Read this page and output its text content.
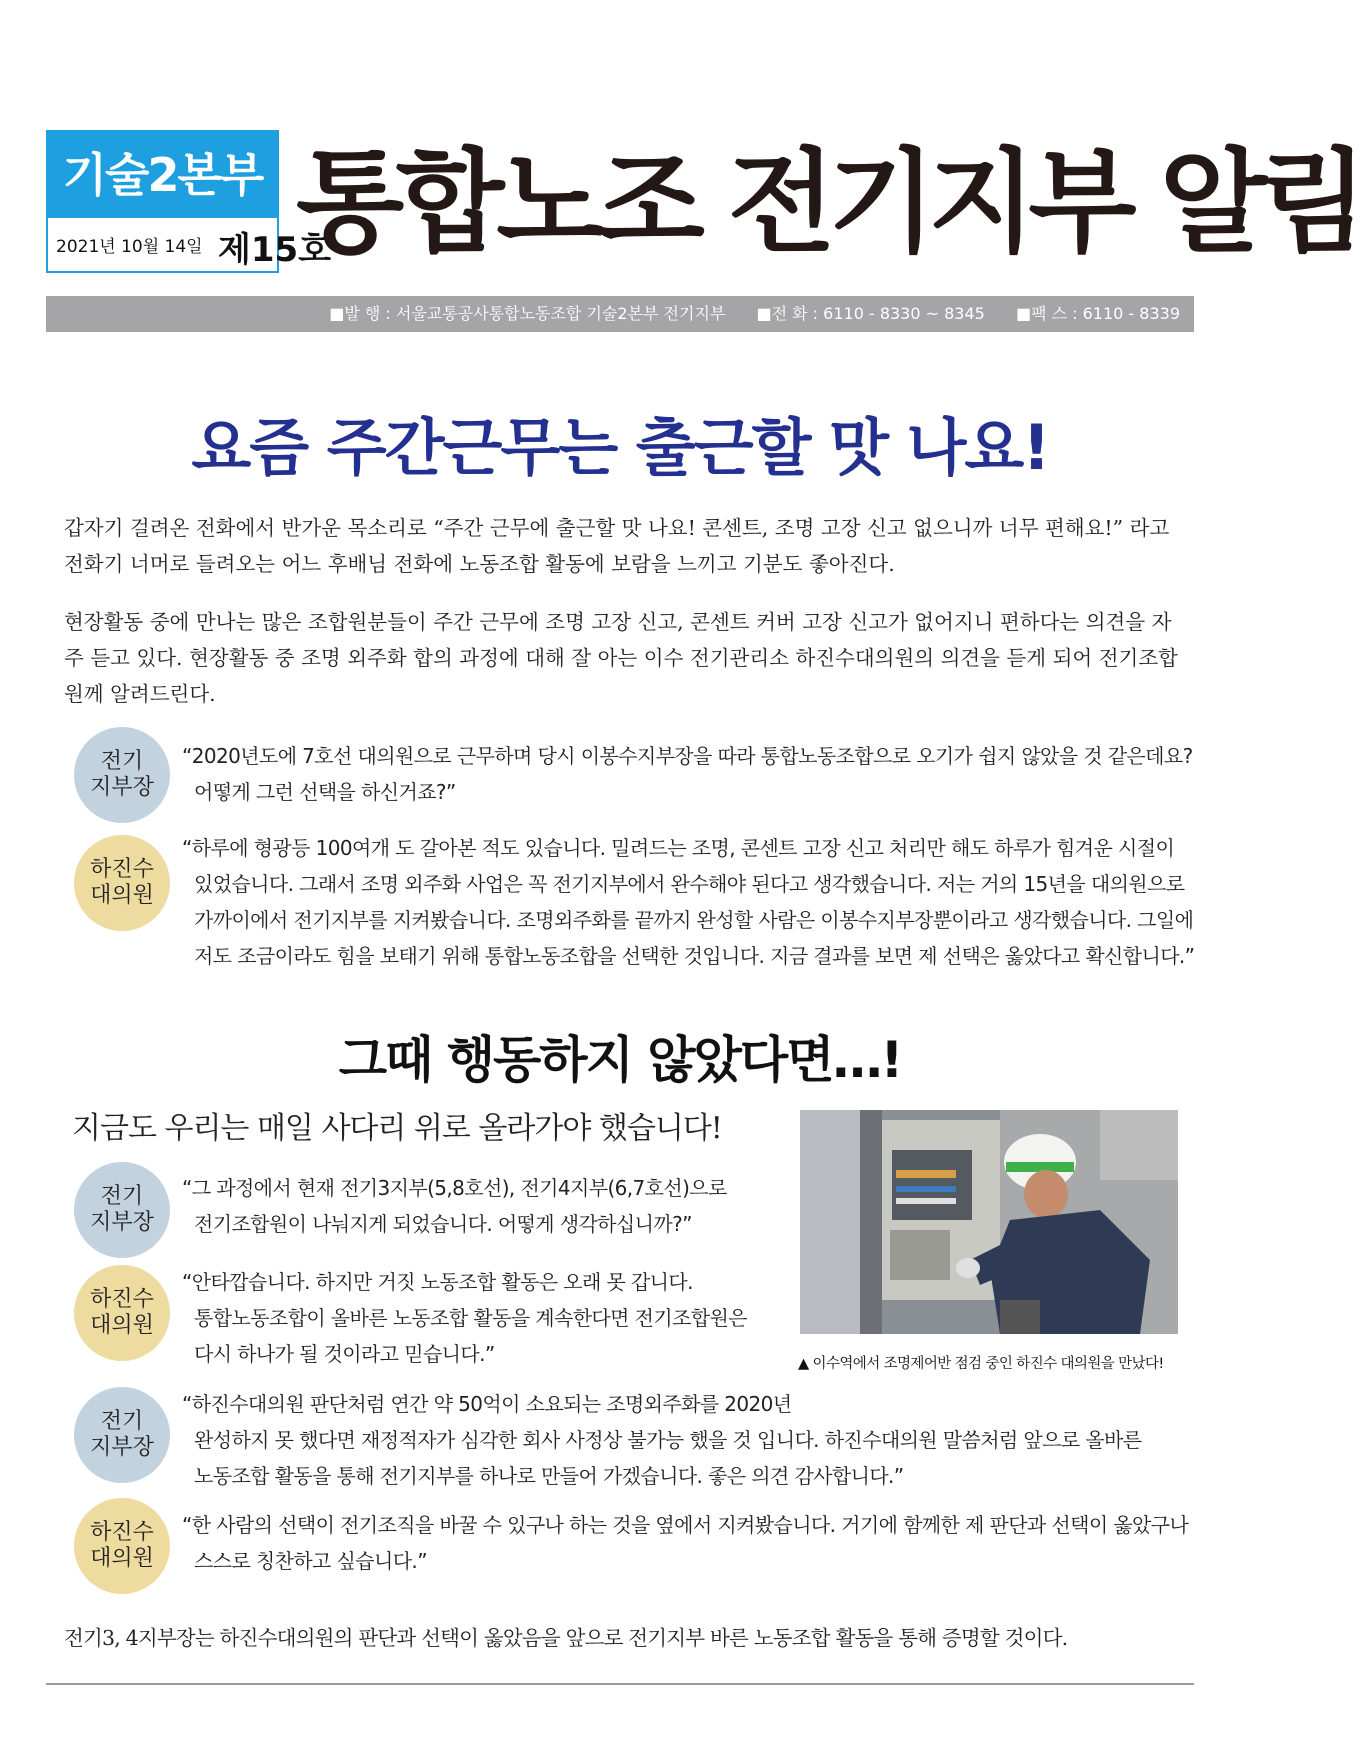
기술2본부
2021년 10월 14일 제15호
통합노조 전기지부 알림
■발 행 : 서울교통공사통합노동조합 기술2본부 전기지부 ■전 화 : 6110 - 8330 ~ 8345 ■팩 스 : 6110 - 8339
요즘 주간근무는 출근할 맛 나요!
갑자기 걸려온 전화에서 반가운 목소리로 “주간 근무에 출근할 맛 나요! 콘센트, 조명 고장 신고 없으니까 너무 편해요!” 라고 전화기 너머로 들려오는 어느 후배님 전화에 노동조합 활동에 보람을 느끼고 기분도 좋아진다.
현장활동 중에 만나는 많은 조합원분들이 주간 근무에 조명 고장 신고, 콘센트 커버 고장 신고가 없어지니 편하다는 의견을 자주 듣고 있다. 현장활동 중 조명 외주화 합의 과정에 대해 잘 아는 이수 전기관리소 하진수대의원의 의견을 듣게 되어 전기조합원께 알려드린다.
전기
지부장
“2020년도에 7호선 대의원으로 근무하며 당시 이봉수지부장을 따라 통합노동조합으로 오기가 쉽지 않았을 것 같은데요?
어떻게 그런 선택을 하신거죠?”
하진수
대의원
“하루에 형광등 100여개 도 갈아본 적도 있습니다. 밀려드는 조명, 콘센트 고장 신고 처리만 해도 하루가 힘겨운 시절이
있었습니다. 그래서 조명 외주화 사업은 꼭 전기지부에서 완수해야 된다고 생각했습니다. 저는 거의 15년을 대의원으로
가까이에서 전기지부를 지켜봤습니다. 조명외주화를 끝까지 완성할 사람은 이봉수지부장뿐이라고 생각했습니다. 그일에
저도 조금이라도 힘을 보태기 위해 통합노동조합을 선택한 것입니다. 지금 결과를 보면 제 선택은 옳았다고 확신합니다.”
그때 행동하지 않았다면…!
지금도 우리는 매일 사다리 위로 올라가야 했습니다!
전기
지부장
“그 과정에서 현재 전기3지부(5,8호선), 전기4지부(6,7호선)으로
전기조합원이 나눠지게 되었습니다. 어떻게 생각하십니까?”
하진수
대의원
“안타깝습니다. 하지만 거짓 노동조합 활동은 오래 못 갑니다.
통합노동조합이 올바른 노동조합 활동을 계속한다면 전기조합원은
다시 하나가 될 것이라고 믿습니다.”	▲ 이수역에서 조명제어반 점검 중인 하진수 대의원을 만났다!
전기
지부장
“하진수대의원 판단처럼 연간 약 50억이 소요되는 조명외주화를 2020년
완성하지 못 했다면 재정적자가 심각한 회사 사정상 불가능 했을 것 입니다. 하진수대의원 말씀처럼 앞으로 올바른
노동조합 활동을 통해 전기지부를 하나로 만들어 가겠습니다. 좋은 의견 감사합니다.”
하진수
대의원
“한 사람의 선택이 전기조직을 바꿀 수 있구나 하는 것을 옆에서 지켜봤습니다. 거기에 함께한 제 판단과 선택이 옳았구나
스스로 칭찬하고 싶습니다.”
전기3, 4지부장는 하진수대의원의 판단과 선택이 옳았음을 앞으로 전기지부 바른 노동조합 활동을 통해 증명할 것이다.
